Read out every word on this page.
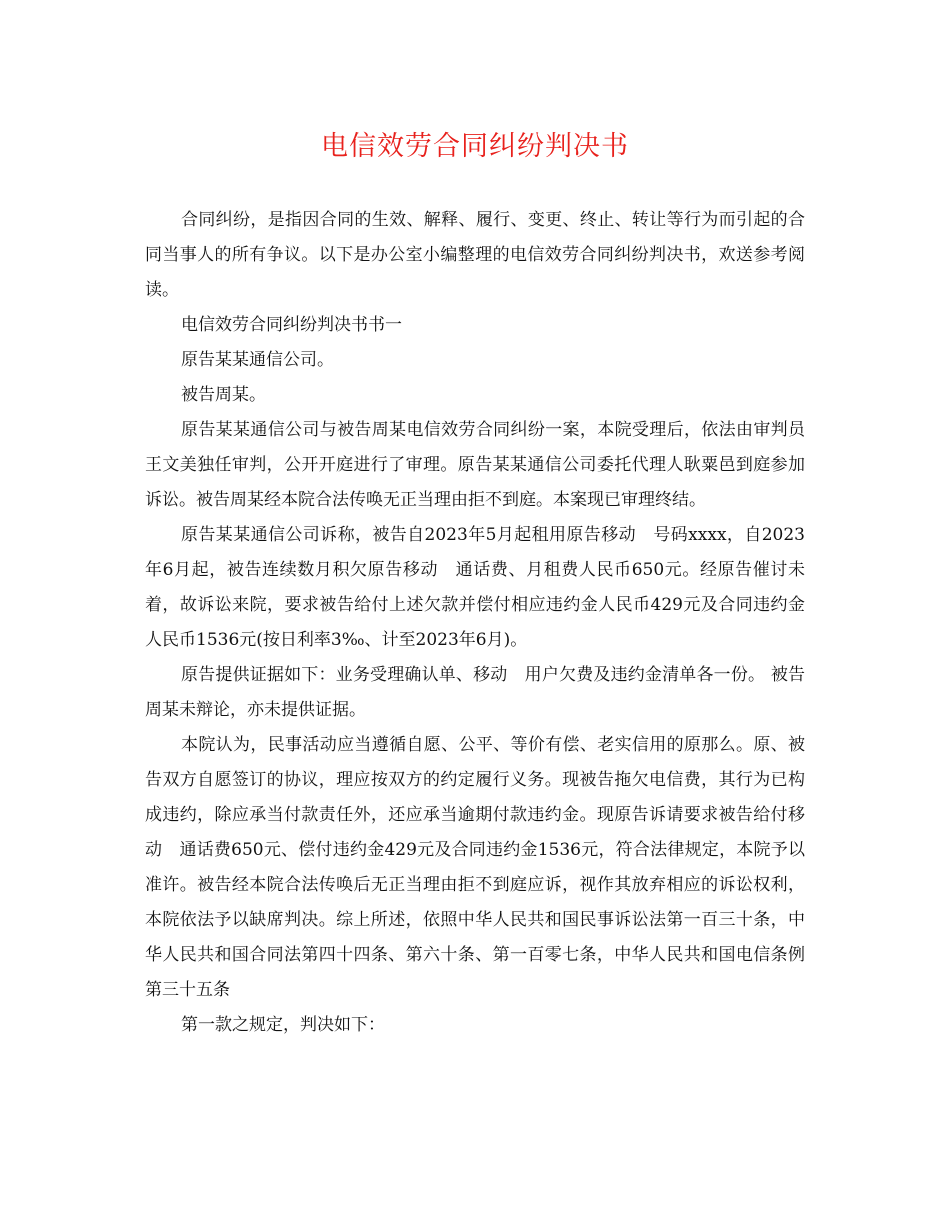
电信效劳合同纠纷判决书

合同纠纷，是指因合同的生效、解释、履行、变更、终止、转让等行为而引起的合同当事人的所有争议。以下是办公室小编整理的电信效劳合同纠纷判决书，欢送参考阅读。

电信效劳合同纠纷判决书书一

原告某某通信公司。

被告周某。

原告某某通信公司与被告周某电信效劳合同纠纷一案，本院受理后，依法由审判员王文美独任审判，公开开庭进行了审理。原告某某通信公司委托代理人耿粟邑到庭参加诉讼。被告周某经本院合法传唤无正当理由拒不到庭。本案现已审理终结。

原告某某通信公司诉称，被告自2023年5月起租用原告移动　号码xxxx，自2023年6月起，被告连续数月积欠原告移动　通话费、月租费人民币650元。经原告催讨未着，故诉讼来院，要求被告给付上述欠款并偿付相应违约金人民币429元及合同违约金人民币1536元(按日利率3‰、计至2023年6月)。

原告提供证据如下：业务受理确认单、移动　用户欠费及违约金清单各一份。 被告周某未辩论，亦未提供证据。

本院认为，民事活动应当遵循自愿、公平、等价有偿、老实信用的原那么。原、被告双方自愿签订的协议，理应按双方的约定履行义务。现被告拖欠电信费，其行为已构成违约，除应承当付款责任外，还应承当逾期付款违约金。现原告诉请要求被告给付移动　通话费650元、偿付违约金429元及合同违约金1536元，符合法律规定，本院予以准许。被告经本院合法传唤后无正当理由拒不到庭应诉，视作其放弃相应的诉讼权利，本院依法予以缺席判决。综上所述，依照中华人民共和国民事诉讼法第一百三十条，中华人民共和国合同法第四十四条、第六十条、第一百零七条，中华人民共和国电信条例第三十五条

第一款之规定，判决如下：
